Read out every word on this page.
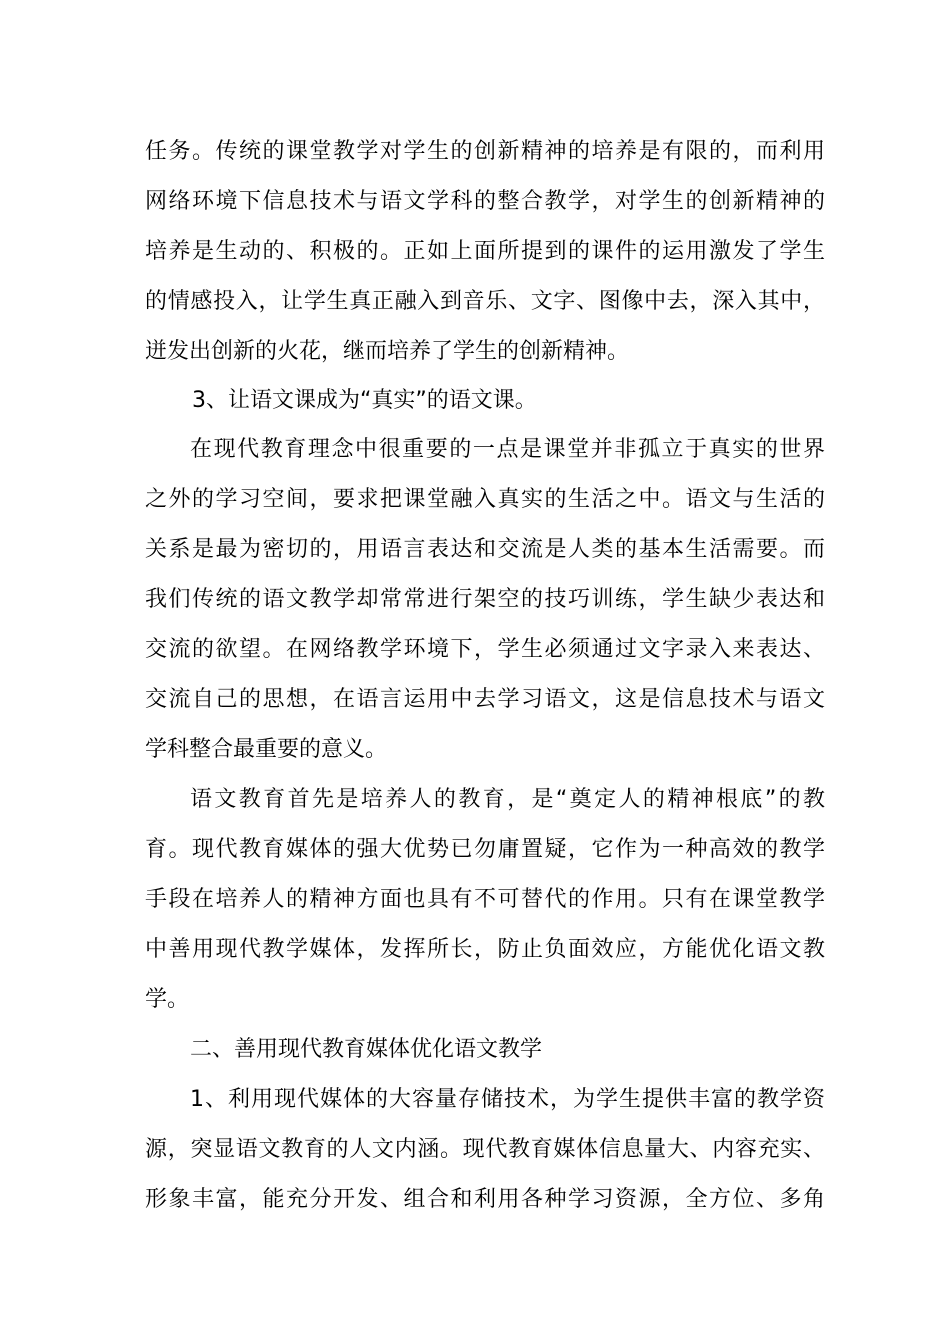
任务。传统的课堂教学对学生的创新精神的培养是有限的，而利用
网络环境下信息技术与语文学科的整合教学，对学生的创新精神的
培养是生动的、积极的。正如上面所提到的课件的运用激发了学生
的情感投入，让学生真正融入到音乐、文字、图像中去，深入其中，
迸发出创新的火花，继而培养了学生的创新精神。
3、让语文课成为“真实”的语文课。
在现代教育理念中很重要的一点是课堂并非孤立于真实的世界
之外的学习空间，要求把课堂融入真实的生活之中。语文与生活的
关系是最为密切的，用语言表达和交流是人类的基本生活需要。而
我们传统的语文教学却常常进行架空的技巧训练，学生缺少表达和
交流的欲望。在网络教学环境下，学生必须通过文字录入来表达、
交流自己的思想，在语言运用中去学习语文，这是信息技术与语文
学科整合最重要的意义。
语文教育首先是培养人的教育，是“奠定人的精神根底”的教
育。现代教育媒体的强大优势已勿庸置疑，它作为一种高效的教学
手段在培养人的精神方面也具有不可替代的作用。只有在课堂教学
中善用现代教学媒体，发挥所长，防止负面效应，方能优化语文教
学。
二、善用现代教育媒体优化语文教学
1、利用现代媒体的大容量存储技术，为学生提供丰富的教学资
源，突显语文教育的人文内涵。现代教育媒体信息量大、内容充实、
形象丰富，能充分开发、组合和利用各种学习资源，全方位、多角
